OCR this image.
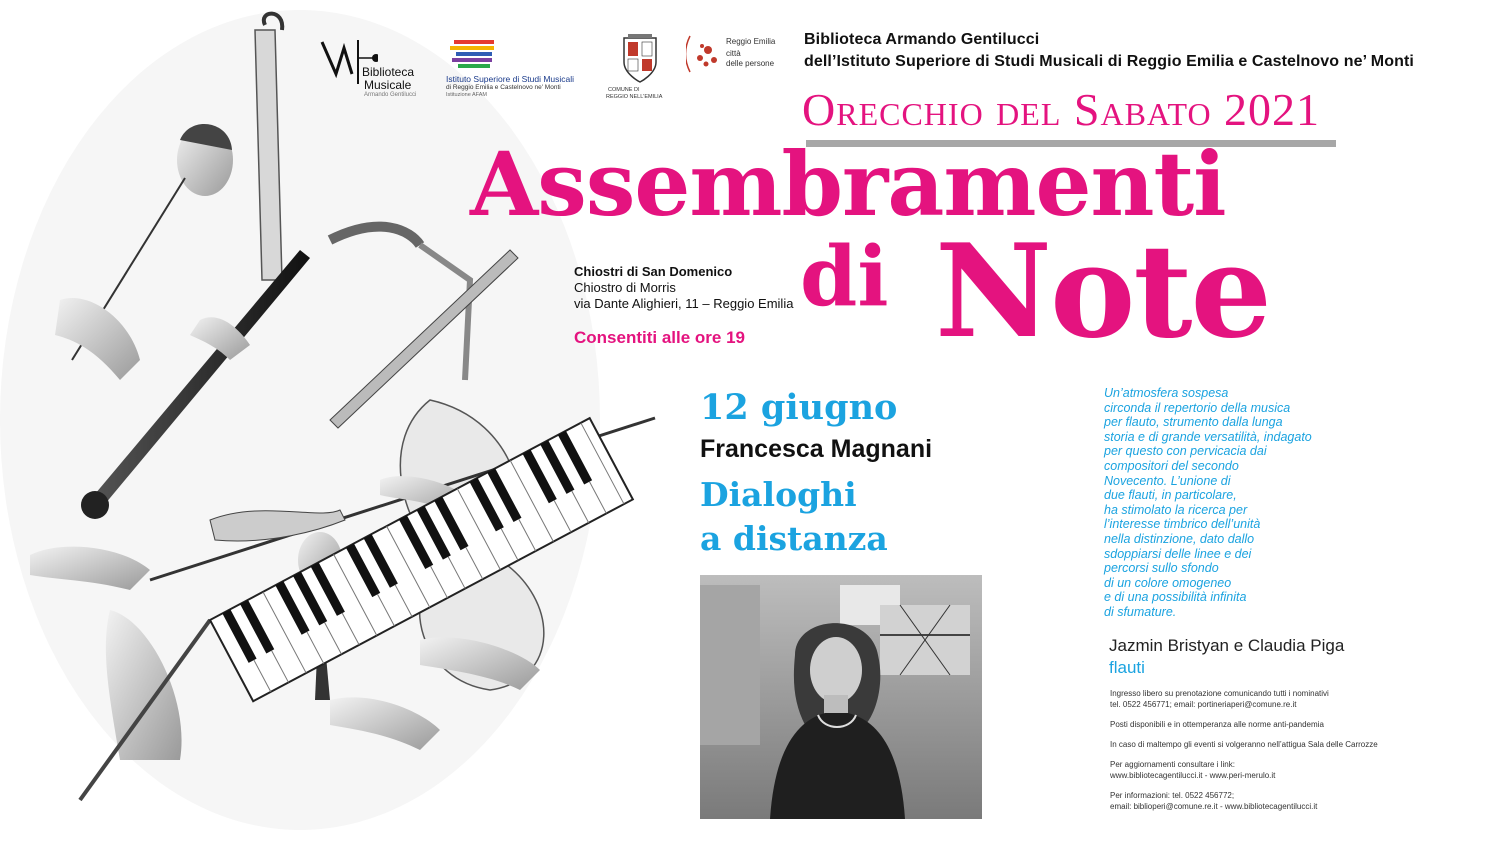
Biblioteca
Musicale
Armando Gentilucci
Istituto Superiore di Studi Musicali
di Reggio Emilia e Castelnovo ne' Monti
Istituzione AFAM
COMUNE DI
REGGIO NELL'EMILIA
Reggio Emilia
città
delle persone
Biblioteca Armando Gentilucci
dell’Istituto Superiore di Studi Musicali di Reggio Emilia e Castelnovo ne’ Monti
Orecchio del Sabato 2021
Assembramenti
di Note
Chiostri di San Domenico
Chiostro di Morris
via Dante Alighieri, 11 – Reggio Emilia
Consentiti alle ore 19
12 giugno
Francesca Magnani
Dialoghi
a distanza
Un’atmosfera sospesa
circonda il repertorio della musica
per flauto, strumento dalla lunga
storia e di grande versatilità, indagato
per questo con pervicacia dai
compositori del secondo
Novecento. L’unione di
due flauti, in particolare,
ha stimolato la ricerca per
l’interesse timbrico dell’unità
nella distinzione, dato dallo
sdoppiarsi delle linee e dei
percorsi sullo sfondo
di un colore omogeneo
e di una possibilità infinita
di sfumature.
Jazmin Bristyan e Claudia Piga
flauti
Ingresso libero su prenotazione comunicando tutti i nominativi
tel. 0522 456771; email: portineriaperi@comune.re.it
Posti disponibili e in ottemperanza alle norme anti-pandemia
In caso di maltempo gli eventi si volgeranno nell’attigua Sala delle Carrozze
Per aggiornamenti consultare i link:
www.bibliotecagentilucci.it - www.peri-merulo.it
Per informazioni: tel. 0522 456772;
email: biblioperi@comune.re.it - www.bibliotecagentilucci.it
